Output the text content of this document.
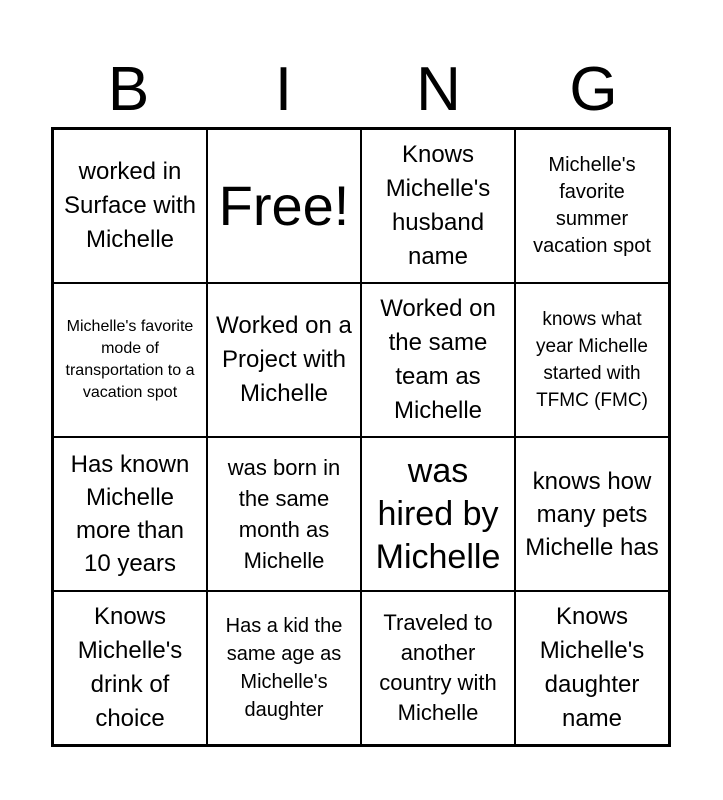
B	I	N	G
worked in Surface with Michelle
Free!
Knows Michelle's husband name
Michelle's favorite summer vacation spot
Michelle's favorite mode of transportation to a vacation spot
Worked on a Project with Michelle
Worked on the same team as Michelle
knows what year Michelle started with TFMC (FMC)
Has known Michelle more than 10 years
was born in the same month as Michelle
was hired by Michelle
knows how many pets Michelle has
Knows Michelle's drink of choice
Has a kid the same age as Michelle's daughter
Traveled to another country with Michelle
Knows Michelle's daughter name
